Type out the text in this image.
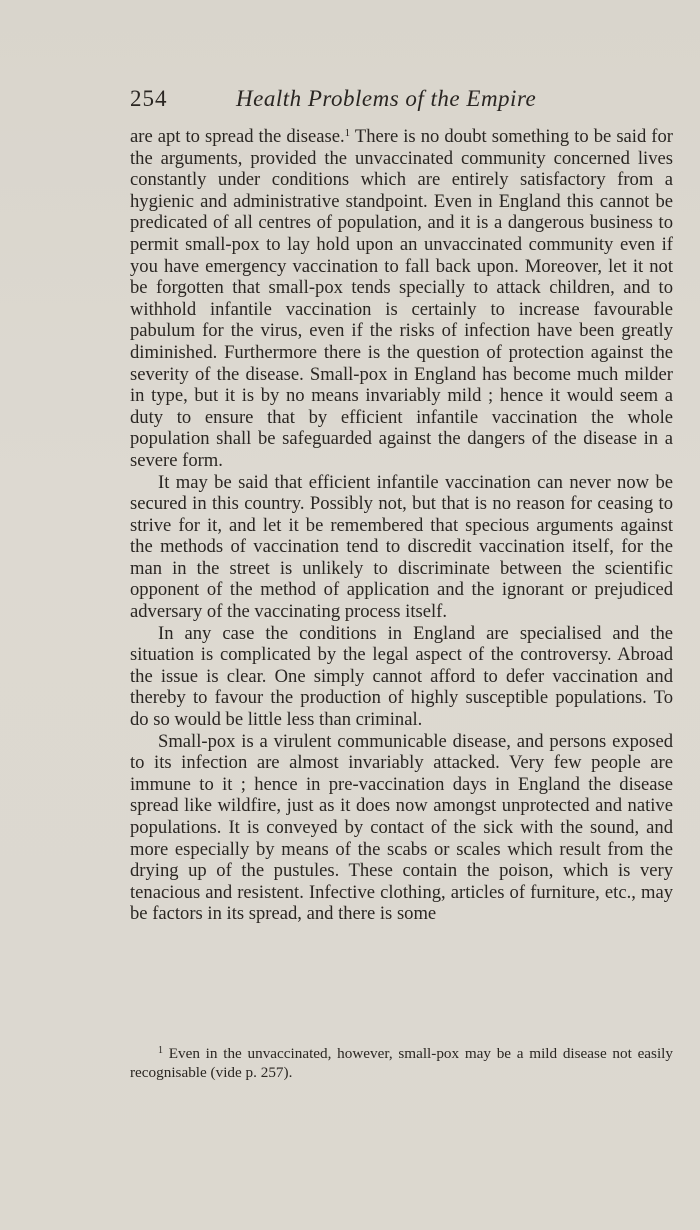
254	Health Problems of the Empire

are apt to spread the disease.$^1$ There is no doubt something to be said for the arguments, provided the unvaccinated community concerned lives constantly under conditions which are entirely satisfactory from a hygienic and administrative standpoint. Even in England this cannot be predicated of all centres of population, and it is a dangerous business to permit small-pox to lay hold upon an unvaccinated community even if you have emergency vaccination to fall back upon. Moreover, let it not be forgotten that small-pox tends specially to attack children, and to withhold infantile vaccination is certainly to increase favourable pabulum for the virus, even if the risks of infection have been greatly diminished. Furthermore there is the question of protection against the severity of the disease. Small-pox in England has become much milder in type, but it is by no means invariably mild ; hence it would seem a duty to ensure that by efficient infantile vaccination the whole population shall be safeguarded against the dangers of the disease in a severe form.

It may be said that efficient infantile vaccination can never now be secured in this country. Possibly not, but that is no reason for ceasing to strive for it, and let it be remembered that specious arguments against the methods of vaccination tend to discredit vaccination itself, for the man in the street is unlikely to discriminate between the scientific opponent of the method of application and the ignorant or prejudiced adversary of the vaccinating process itself.

In any case the conditions in England are specialised and the situation is complicated by the legal aspect of the controversy. Abroad the issue is clear. One simply cannot afford to defer vaccination and thereby to favour the production of highly susceptible populations. To do so would be little less than criminal.

Small-pox is a virulent communicable disease, and persons exposed to its infection are almost invariably attacked. Very few people are immune to it ; hence in pre-vaccination days in England the disease spread like wildfire, just as it does now amongst unprotected and native populations. It is conveyed by contact of the sick with the sound, and more especially by means of the scabs or scales which result from the drying up of the pustules. These contain the poison, which is very tenacious and resistent. Infective clothing, articles of furniture, etc., may be factors in its spread, and there is some

$^1$ Even in the unvaccinated, however, small-pox may be a mild disease not easily recognisable (vide p. 257).
